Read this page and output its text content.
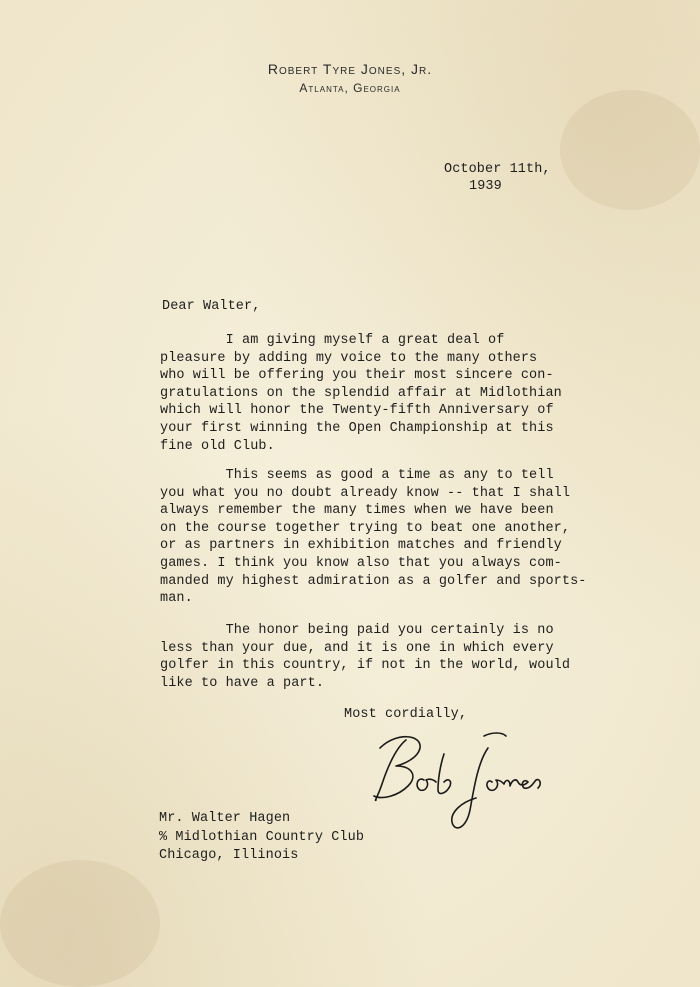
Robert Tyre Jones, Jr.
Atlanta, Georgia
October 11th,
1939
Dear Walter,
I am giving myself a great deal of
pleasure by adding my voice to the many others
who will be offering you their most sincere con-
gratulations on the splendid affair at Midlothian
which will honor the Twenty-fifth Anniversary of
your first winning the Open Championship at this
fine old Club.
This seems as good a time as any to tell
you what you no doubt already know -- that I shall
always remember the many times when we have been
on the course together trying to beat one another,
or as partners in exhibition matches and friendly
games. I think you know also that you always com-
manded my highest admiration as a golfer and sports-
man.
The honor being paid you certainly is no
less than your due, and it is one in which every
golfer in this country, if not in the world, would
like to have a part.
Most cordially,
Mr. Walter Hagen
% Midlothian Country Club
Chicago, Illinois
